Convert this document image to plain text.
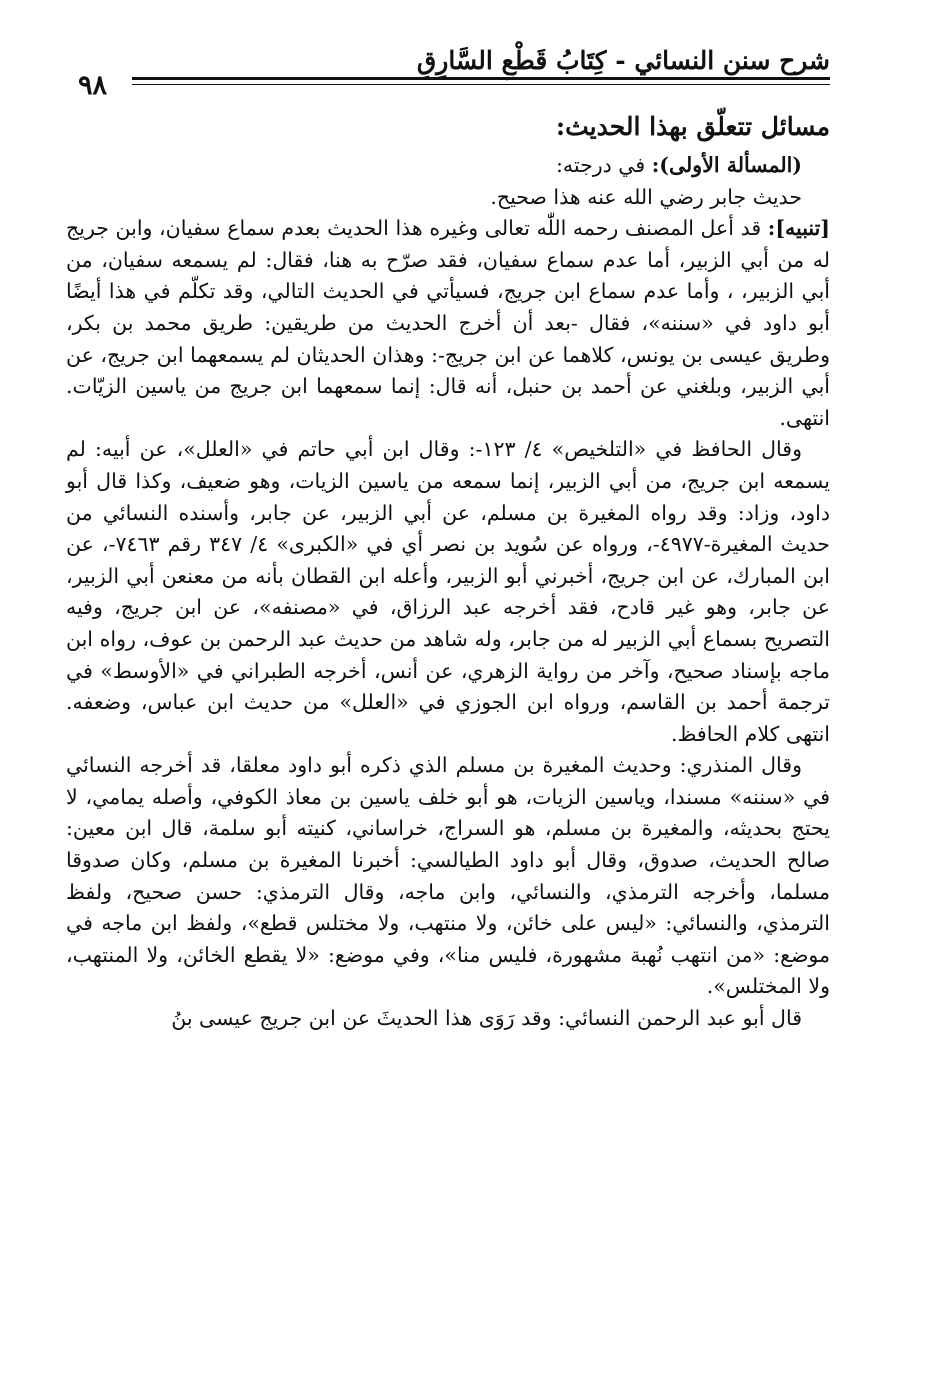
شرح سنن النسائي - كِتَابُ قَطْعِ السَّارِقِ
٩٨

مسائل تتعلّق بهذا الحديث:

(المسألة الأولى): في درجته:

حديث جابر رضي الله عنه هذا صحيح.

[تنبيه]: قد أعل المصنف رحمه اللّٰه تعالى وغيره هذا الحديث بعدم سماع سفيان، وابن جريج له من أبي الزبير، أما عدم سماع سفيان، فقد صرّح به هنا، فقال: لم يسمعه سفيان، من أبي الزبير، ، وأما عدم سماع ابن جريج، فسيأتي في الحديث التالي، وقد تكلّم في هذا أيضًا أبو داود في «سننه»، فقال -بعد أن أخرج الحديث من طريقين: طريق محمد بن بكر، وطريق عيسى بن يونس، كلاهما عن ابن جريج-: وهذان الحديثان لم يسمعهما ابن جريج، عن أبي الزبير، وبلغني عن أحمد بن حنبل، أنه قال: إنما سمعهما ابن جريج من ياسين الزيّات. انتهى.

وقال الحافظ في «التلخيص» ٤/ ١٢٣-: وقال ابن أبي حاتم في «العلل»، عن أبيه: لم يسمعه ابن جريج، من أبي الزبير، إنما سمعه من ياسين الزيات، وهو ضعيف، وكذا قال أبو داود، وزاد: وقد رواه المغيرة بن مسلم، عن أبي الزبير، عن جابر، وأسنده النسائي من حديث المغيرة-٤٩٧٧-، ورواه عن سُويد بن نصر أي في «الكبرى» ٤/ ٣٤٧ رقم ٧٤٦٣-، عن ابن المبارك، عن ابن جريج، أخبرني أبو الزبير، وأعله ابن القطان بأنه من معنعن أبي الزبير، عن جابر، وهو غير قادح، فقد أخرجه عبد الرزاق، في «مصنفه»، عن ابن جريج، وفيه التصريح بسماع أبي الزبير له من جابر، وله شاهد من حديث عبد الرحمن بن عوف، رواه ابن ماجه بإسناد صحيح، وآخر من رواية الزهري، عن أنس، أخرجه الطبراني في «الأوسط» في ترجمة أحمد بن القاسم، ورواه ابن الجوزي في «العلل» من حديث ابن عباس، وضعفه. انتهى كلام الحافظ.

وقال المنذري: وحديث المغيرة بن مسلم الذي ذكره أبو داود معلقا، قد أخرجه النسائي في «سننه» مسندا، وياسين الزيات، هو أبو خلف ياسين بن معاذ الكوفي، وأصله يمامي، لا يحتج بحديثه، والمغيرة بن مسلم، هو السراج، خراساني، كنيته أبو سلمة، قال ابن معين: صالح الحديث، صدوق، وقال أبو داود الطيالسي: أخبرنا المغيرة بن مسلم، وكان صدوقا مسلما، وأخرجه الترمذي، والنسائي، وابن ماجه، وقال الترمذي: حسن صحيح، ولفظ الترمذي، والنسائي: «ليس على خائن، ولا منتهب، ولا مختلس قطع»، ولفظ ابن ماجه في موضع: «من انتهب نُهبة مشهورة، فليس منا»، وفي موضع: «لا يقطع الخائن، ولا المنتهب، ولا المختلس».

قال أبو عبد الرحمن النسائي: وقد رَوَى هذا الحديثَ عن ابن جريج عيسى بنُ
